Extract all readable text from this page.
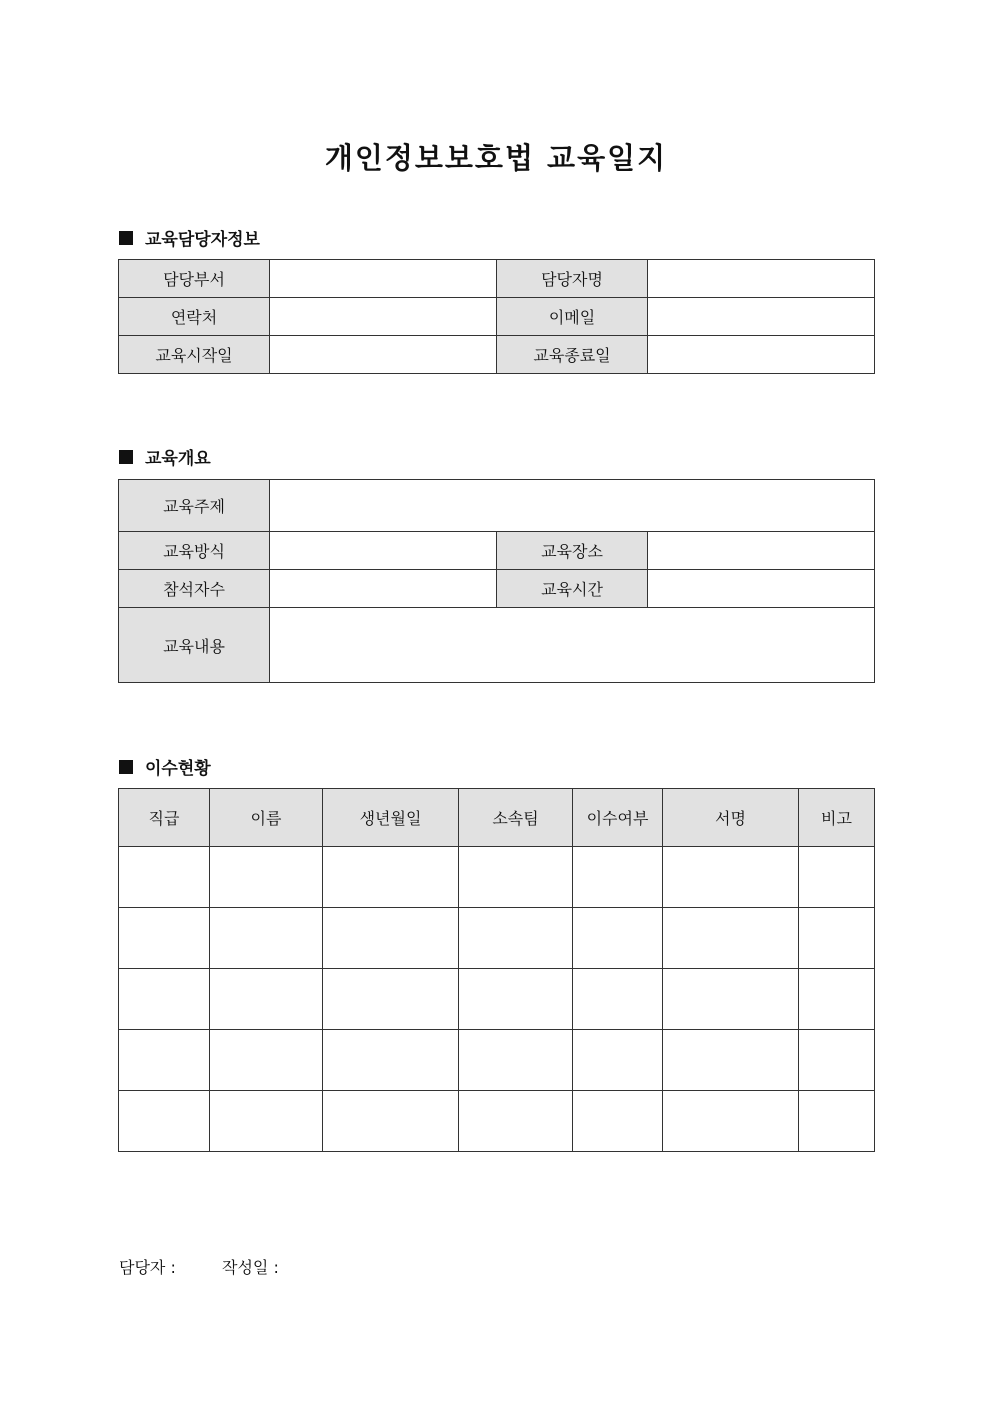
개인정보보호법 교육일지
교육담당자정보
담당부서		담당자명	
연락처		이메일	
교육시작일		교육종료일	
교육개요
교육주제			
교육방식		교육장소	
참석자수		교육시간	
교육내용			
이수현황
직급	이름	생년월일	소속팀	이수여부	서명	비고

담당자 :	작성일 :
